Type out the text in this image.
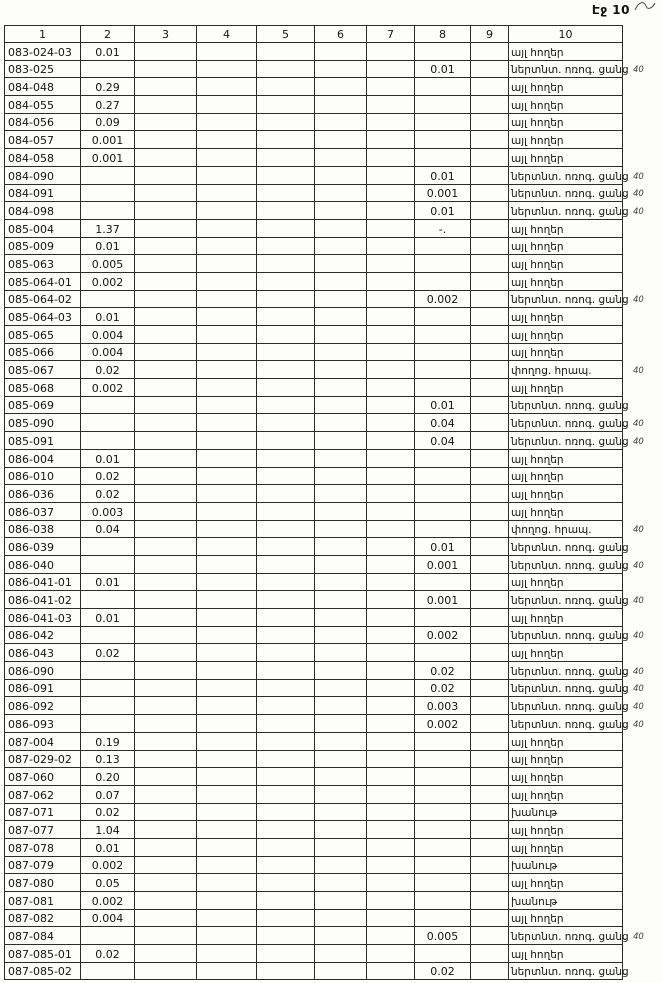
Էջ 10
1	2	3	4	5	6	7	8	9	10
083-024-03	0.01								այլ հողեր

083-025							0.01		ներտնտ. ոռոգ. ցանց 40

084-048	0.29								այլ հողեր

084-055	0.27								այլ հողեր

084-056	0.09								այլ հողեր

084-057	0.001								այլ հողեր

084-058	0.001								այլ հողեր

084-090							0.01		ներտնտ. ոռոգ. ցանց 40

084-091							0.001		ներտնտ. ոռոգ. ցանց 40

084-098							0.01		ներտնտ. ոռոգ. ցանց 40

085-004	1.37						-.		այլ հողեր

085-009	0.01								այլ հողեր

085-063	0.005								այլ հողեր

085-064-01	0.002								այլ հողեր

085-064-02							0.002		ներտնտ. ոռոգ. ցանց 40

085-064-03	0.01								այլ հողեր

085-065	0.004								այլ հողեր

085-066	0.004								այլ հողեր

085-067	0.02								փողոց. հրապ. 40

085-068	0.002								այլ հողեր

085-069							0.01		ներտնտ. ոռոգ. ցանց

085-090							0.04		ներտնտ. ոռոգ. ցանց 40

085-091							0.04		ներտնտ. ոռոգ. ցանց 40

086-004	0.01								այլ հողեր

086-010	0.02								այլ հողեր

086-036	0.02								այլ հողեր

086-037	0.003								այլ հողեր

086-038	0.04								փողոց. հրապ. 40

086-039							0.01		ներտնտ. ոռոգ. ցանց

086-040							0.001		ներտնտ. ոռոգ. ցանց 40

086-041-01	0.01								այլ հողեր

086-041-02							0.001		ներտնտ. ոռոգ. ցանց 40

086-041-03	0.01								այլ հողեր

086-042							0.002		ներտնտ. ոռոգ. ցանց 40

086-043	0.02								այլ հողեր

086-090							0.02		ներտնտ. ոռոգ. ցանց 40

086-091							0.02		ներտնտ. ոռոգ. ցանց 40

086-092							0.003		ներտնտ. ոռոգ. ցանց 40

086-093							0.002		ներտնտ. ոռոգ. ցանց 40

087-004	0.19								այլ հողեր

087-029-02	0.13								այլ հողեր

087-060	0.20								այլ հողեր

087-062	0.07								այլ հողեր

087-071	0.02								խանութ

087-077	1.04								այլ հողեր

087-078	0.01								այլ հողեր

087-079	0.002								խանութ

087-080	0.05								այլ հողեր

087-081	0.002								խանութ

087-082	0.004								այլ հողեր

087-084							0.005		ներտնտ. ոռոգ. ցանց 40

087-085-01	0.02								այլ հողեր

087-085-02							0.02		ներտնտ. ոռոգ. ցանց
